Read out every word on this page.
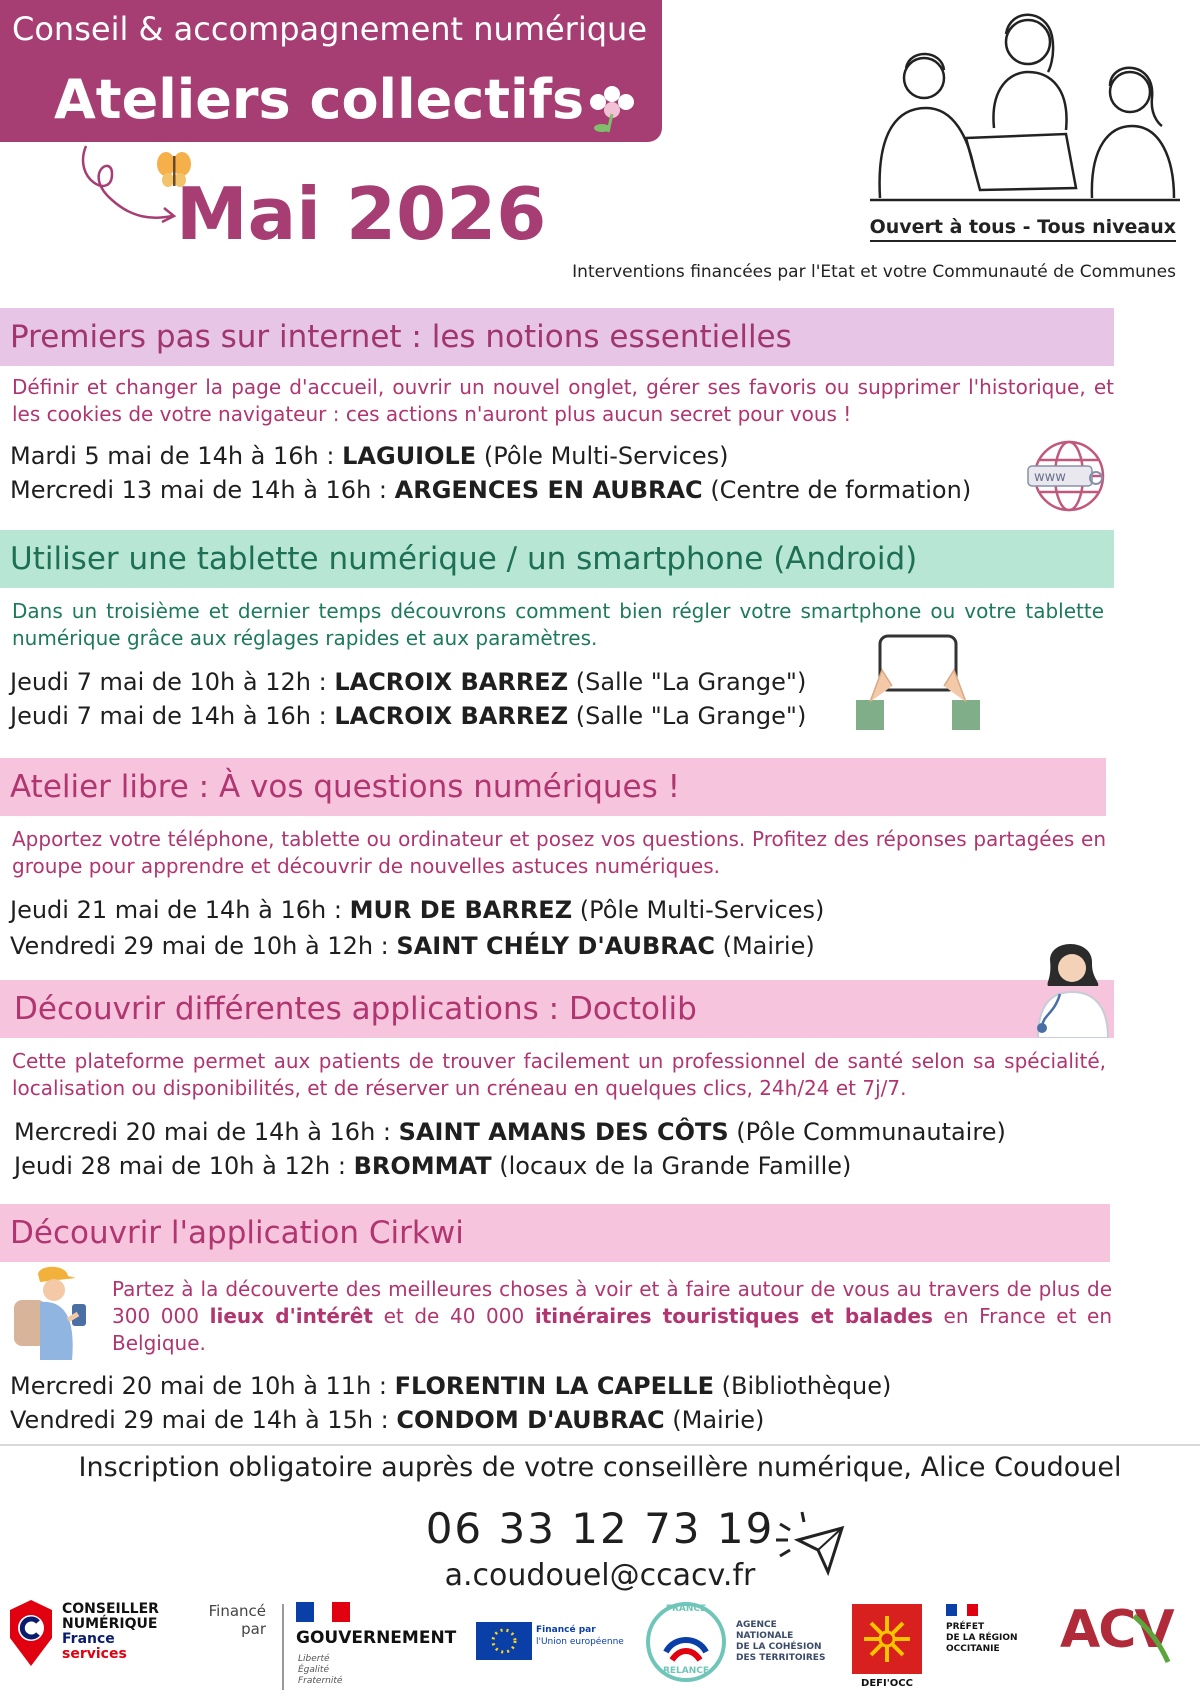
Conseil & accompagnement numérique
Ateliers collectifs
Mai 2026	Ouvert à tous - Tous niveaux
Interventions financées par l'Etat et votre Communauté de Communes
Premiers pas sur internet : les notions essentielles
Définir et changer la page d'accueil, ouvrir un nouvel onglet, gérer ses favoris ou supprimer l'historique, et les cookies de votre navigateur : ces actions n'auront plus aucun secret pour vous !
Mardi 5 mai de 14h à 16h : LAGUIOLE (Pôle Multi-Services)
Mercredi 13 mai de 14h à 16h : ARGENCES EN AUBRAC (Centre de formation)	www
Utiliser une tablette numérique / un smartphone (Android)
Dans un troisième et dernier temps découvrons comment bien régler votre smartphone ou votre tablette numérique grâce aux réglages rapides et aux paramètres.
Jeudi 7 mai de 10h à 12h : LACROIX BARREZ (Salle "La Grange")
Jeudi 7 mai de 14h à 16h : LACROIX BARREZ (Salle "La Grange")
Atelier libre : À vos questions numériques !
Apportez votre téléphone, tablette ou ordinateur et posez vos questions. Profitez des réponses partagées en groupe pour apprendre et découvrir de nouvelles astuces numériques.
Jeudi 21 mai de 14h à 16h : MUR DE BARREZ (Pôle Multi-Services)
Vendredi 29 mai de 10h à 12h : SAINT CHÉLY D'AUBRAC (Mairie)
Découvrir différentes applications : Doctolib
Cette plateforme permet aux patients de trouver facilement un professionnel de santé selon sa spécialité, localisation ou disponibilités, et de réserver un créneau en quelques clics, 24h/24 et 7j/7.
Mercredi 20 mai de 14h à 16h : SAINT AMANS DES CÔTS (Pôle Communautaire)
Jeudi 28 mai de 10h à 12h : BROMMAT (locaux de la Grande Famille)
Découvrir l'application Cirkwi
Partez à la découverte des meilleures choses à voir et à faire autour de vous au travers de plus de 300 000 lieux d'intérêt et de 40 000 itinéraires touristiques et balades en France et en Belgique.
Mercredi 20 mai de 10h à 11h : FLORENTIN LA CAPELLE (Bibliothèque)
Vendredi 29 mai de 14h à 15h : CONDOM D'AUBRAC (Mairie)
Inscription obligatoire auprès de votre conseillère numérique, Alice Coudouel
06 33 12 73 19
a.coudouel@ccacv.fr
CONSEILLER
NUMÉRIQUE
France
services
Financé par GOUVERNEMENT
Liberté
Égalité
Fraternité
Financé par
l'Union européenne
FRANCE
RELANCE
AGENCE
NATIONALE
DE LA COHÉSION
DES TERRITOIRES
DEFI'OCC
PRÉFET
DE LA RÉGION
OCCITANIE	ACV
